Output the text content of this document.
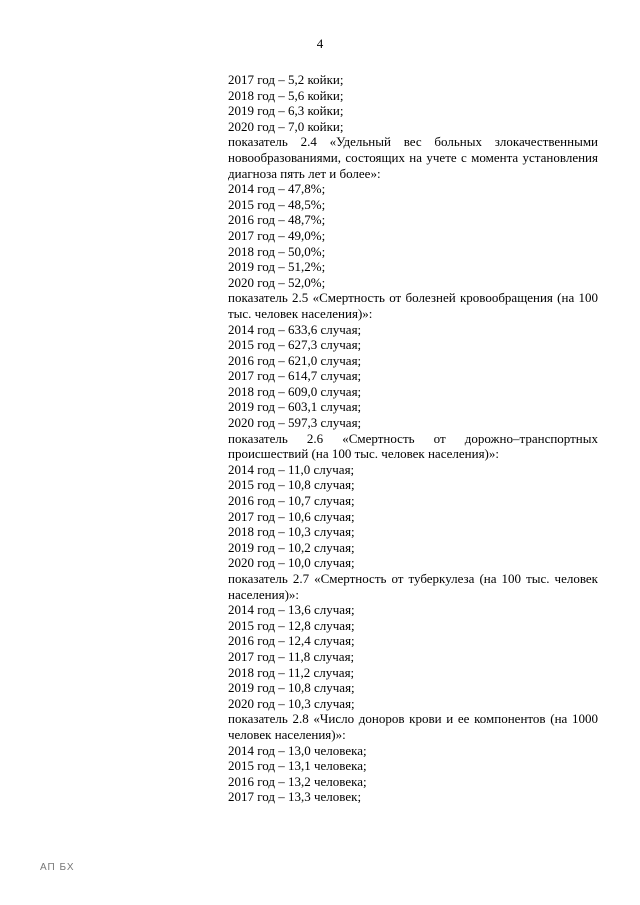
4
2017 год – 5,2 койки;
2018 год – 5,6 койки;
2019 год – 6,3 койки;
2020 год – 7,0 койки;
показатель 2.4 «Удельный вес больных злокачественными новообразованиями, состоящих на учете с момента установления диагноза пять лет и более»:
2014 год – 47,8%;
2015 год – 48,5%;
2016 год – 48,7%;
2017 год – 49,0%;
2018 год – 50,0%;
2019 год – 51,2%;
2020 год – 52,0%;
показатель 2.5 «Смертность от болезней кровообращения (на 100 тыс. человек населения)»:
2014 год – 633,6 случая;
2015 год – 627,3 случая;
2016 год – 621,0 случая;
2017 год – 614,7 случая;
2018 год – 609,0 случая;
2019 год – 603,1 случая;
2020 год – 597,3 случая;
показатель 2.6 «Смертность от дорожно–транспортных происшествий (на 100 тыс. человек населения)»:
2014 год – 11,0 случая;
2015 год – 10,8 случая;
2016 год – 10,7 случая;
2017 год – 10,6 случая;
2018 год – 10,3 случая;
2019 год – 10,2 случая;
2020 год – 10,0 случая;
показатель 2.7 «Смертность от туберкулеза (на 100 тыс. человек населения)»:
2014 год – 13,6 случая;
2015 год – 12,8 случая;
2016 год – 12,4 случая;
2017 год – 11,8 случая;
2018 год – 11,2 случая;
2019 год – 10,8 случая;
2020 год – 10,3 случая;
показатель 2.8 «Число доноров крови и ее компонентов (на 1000 человек населения)»:
2014 год – 13,0 человека;
2015 год – 13,1 человека;
2016 год – 13,2 человека;
2017 год – 13,3 человек;
АП БХ
